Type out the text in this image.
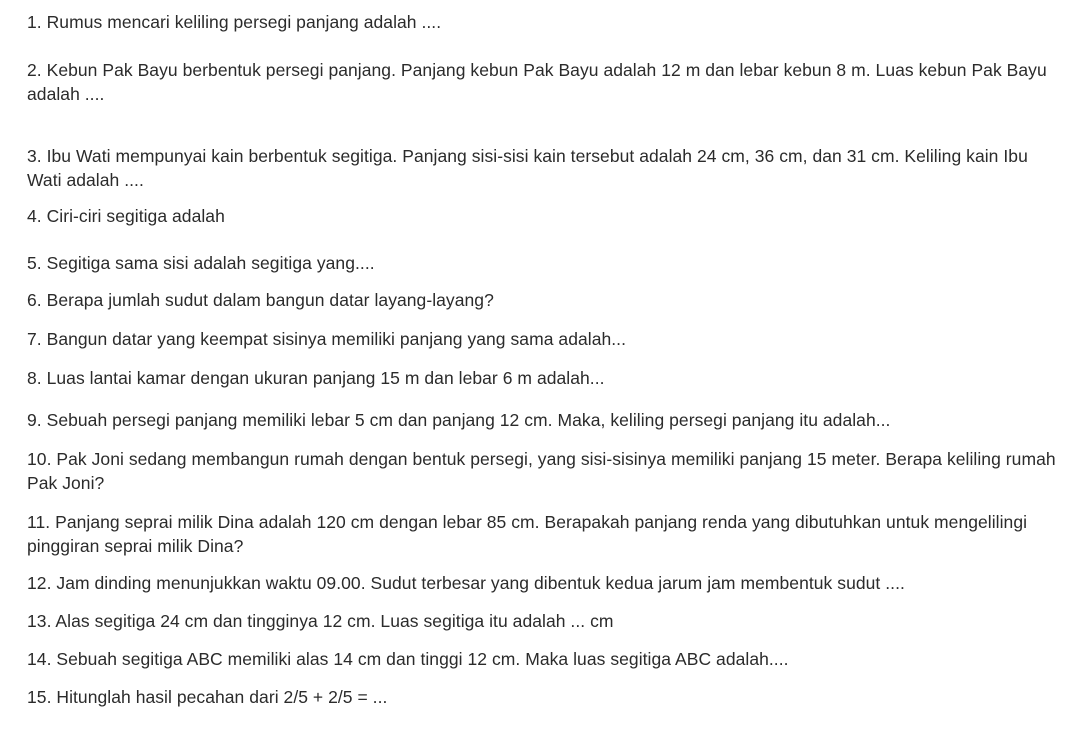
1. Rumus mencari keliling persegi panjang adalah ....

2. Kebun Pak Bayu berbentuk persegi panjang. Panjang kebun Pak Bayu adalah 12 m dan lebar kebun 8 m. Luas kebun Pak Bayu adalah ....

3. Ibu Wati mempunyai kain berbentuk segitiga. Panjang sisi-sisi kain tersebut adalah 24 cm, 36 cm, dan 31 cm. Keliling kain Ibu Wati adalah ....

4. Ciri-ciri segitiga adalah

5. Segitiga sama sisi adalah segitiga yang....

6. Berapa jumlah sudut dalam bangun datar layang-layang?

7. Bangun datar yang keempat sisinya memiliki panjang yang sama adalah...

8. Luas lantai kamar dengan ukuran panjang 15 m dan lebar 6 m adalah...

9. Sebuah persegi panjang memiliki lebar 5 cm dan panjang 12 cm. Maka, keliling persegi panjang itu adalah...

10. Pak Joni sedang membangun rumah dengan bentuk persegi, yang sisi-sisinya memiliki panjang 15 meter. Berapa keliling rumah Pak Joni?

11. Panjang seprai milik Dina adalah 120 cm dengan lebar 85 cm. Berapakah panjang renda yang dibutuhkan untuk mengelilingi pinggiran seprai milik Dina?

12. Jam dinding menunjukkan waktu 09.00. Sudut terbesar yang dibentuk kedua jarum jam membentuk sudut ....

13. Alas segitiga 24 cm dan tingginya 12 cm. Luas segitiga itu adalah ... cm

14. Sebuah segitiga ABC memiliki alas 14 cm dan tinggi 12 cm. Maka luas segitiga ABC adalah....

15. Hitunglah hasil pecahan dari 2/5 + 2/5 = ...
